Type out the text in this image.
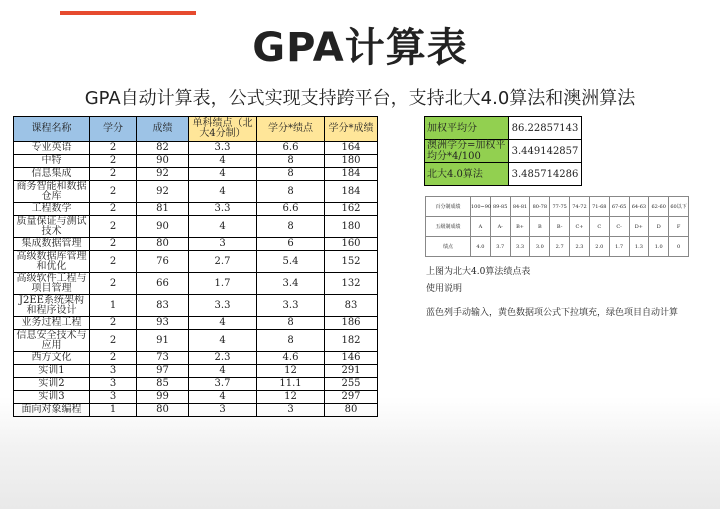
GPA计算表
GPA自动计算表，公式实现支持跨平台，支持北大4.0算法和澳洲算法
课程名称	学分	成绩	单科绩点（北大4分制）	学分*绩点	学分*成绩
专业英语	2	82	3.3	6.6	164
中特	2	90	4	8	180
信息集成	2	92	4	8	184
商务智能和数据仓库	2	92	4	8	184
工程数学	2	81	3.3	6.6	162
质量保证与测试技术	2	90	4	8	180
集成数据管理	2	80	3	6	160
高级数据库管理和优化	2	76	2.7	5.4	152
高级软件工程与项目管理	2	66	1.7	3.4	132
J2EE系统架构和程序设计	1	83	3.3	3.3	83
业务过程工程	2	93	4	8	186
信息安全技术与应用	2	91	4	8	182
西方文化	2	73	2.3	4.6	146
实训1	3	97	4	12	291
实训2	3	85	3.7	11.1	255
实训3	3	99	4	12	297
面向对象编程	1	80	3	3	80
加权平均分	86.22857143
澳洲学分=加权平均分*4/100	3.449142857
北大4.0算法	3.485714286
百分制成绩	100~90	89-85	84-81	80-78	77-75	74-72	71-68	67-65	64-63	62-60	60以下
五级制成绩	A	A-	B+	B	B-	C+	C	C-	D+	D	F
绩点	4.0	3.7	3.3	3.0	2.7	2.3	2.0	1.7	1.3	1.0	0
上图为北大4.0算法绩点表
使用说明
蓝色列手动输入，黄色数据项公式下拉填充，绿色项目自动计算
